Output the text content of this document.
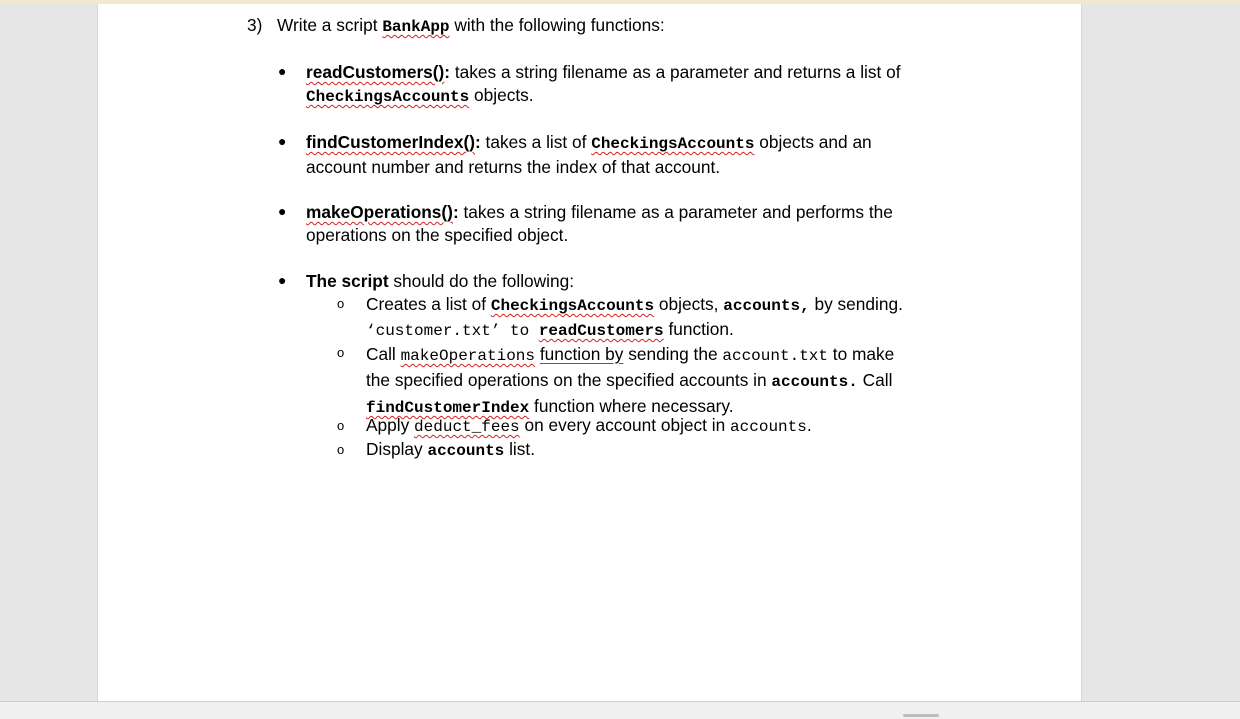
3) Write a script BankApp with the following functions:
● readCustomers(): takes a string filename as a parameter and returns a list of
CheckingsAccounts objects.
● findCustomerIndex(): takes a list of CheckingsAccounts objects and an
account number and returns the index of that account.
● makeOperations(): takes a string filename as a parameter and performs the
operations on the specified object.
● The script should do the following:
o Creates a list of CheckingsAccounts objects, accounts, by sending.
‘customer.txt’ to readCustomers function.
o Call makeOperations function by sending the account.txt to make
the specified operations on the specified accounts in accounts. Call
findCustomerIndex function where necessary.
o Apply deduct_fees on every account object in accounts.
o Display accounts list.
